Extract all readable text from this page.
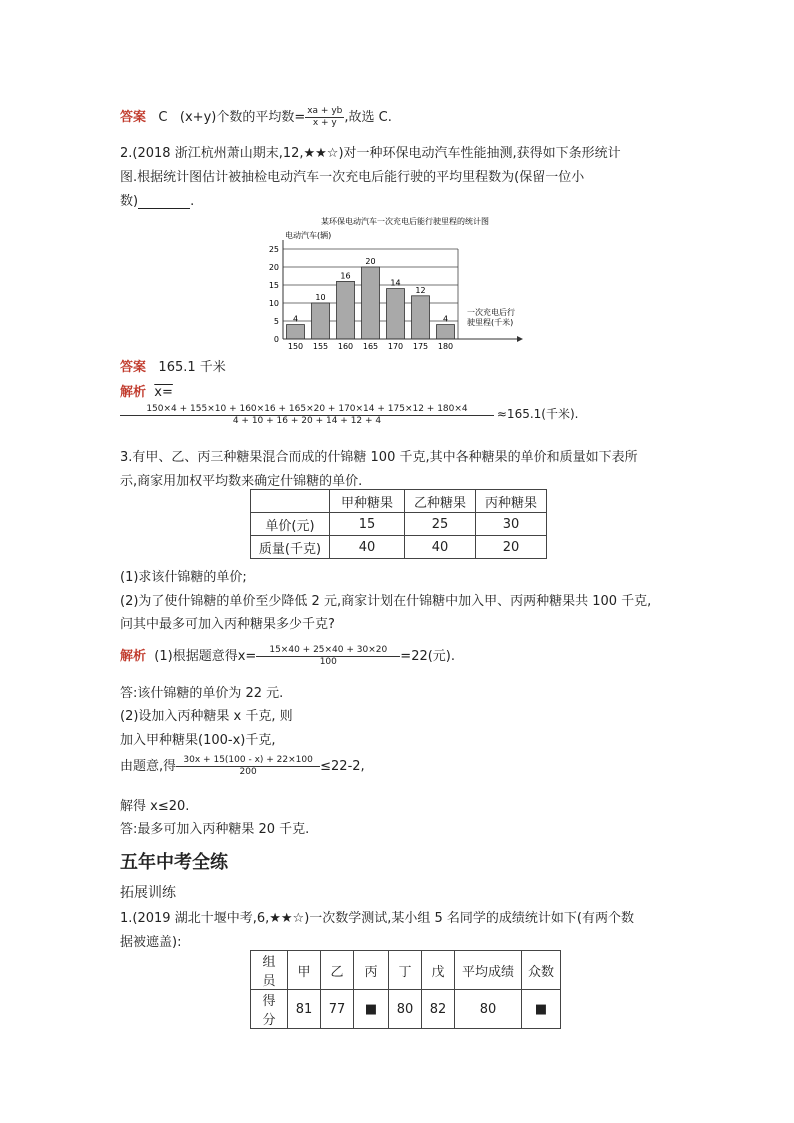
答案 C (x+y)个数的平均数= $\frac{xa + yb}{x + y}$ ,故选 C.
2.(2018 浙江杭州萧山期末,12,★★☆)对一种环保电动汽车性能抽测,获得如下条形统计
图.根据统计图估计被抽检电动汽车一次充电后能行驶的平均里程数为(保留一位小
数)	.
某环保电动汽车一次充电后能行驶里程的统计图
电动汽车(辆)
25
20
15
10
5
0
4
10
16
20
14
12
4
150 155 160 165 170 175 180
一次充电后行
驶里程(千米)
答案 165.1 千米
解析 x=
$\frac{150\times 4 + 155\times 10 + 160\times 16 + 165\times 20 + 170\times 14 + 175\times 12 + 180\times 4}{4 + 10 + 16 + 20 + 14 + 12 + 4} \approx 165.1$(千米).
3.有甲、乙、丙三种糖果混合而成的什锦糖 100 千克,其中各种糖果的单价和质量如下表所
示,商家用加权平均数来确定什锦糖的单价.
	甲种糖果	乙种糖果	丙种糖果
单价(元)	15	25	30
质量(千克)	40	40	20
(1)求该什锦糖的单价;
(2)为了使什锦糖的单价至少降低 2 元,商家计划在什锦糖中加入甲、丙两种糖果共 100 千克,
问其中最多可加入丙种糖果多少千克?
解析 (1)根据题意得$x= \frac{15\times 40 + 25\times 40 + 30\times 20}{100} =22$(元).
答:该什锦糖的单价为 22 元.
(2)设加入丙种糖果 x 千克, 则
加入甲种糖果(100-x)千克,
由题意,得 $\frac{30x + 15(100 - x) + 22\times 100}{200} \le 22-2$,
解得 x≤20.
答:最多可加入丙种糖果 20 千克.
五年中考全练
拓展训练
1.(2019 湖北十堰中考,6,★★☆)一次数学测试,某小组 5 名同学的成绩统计如下(有两个数
据被遮盖):
组员	甲	乙	丙	丁	戊	平均成绩	众数
得分	81	77	■	80	82	80	■
